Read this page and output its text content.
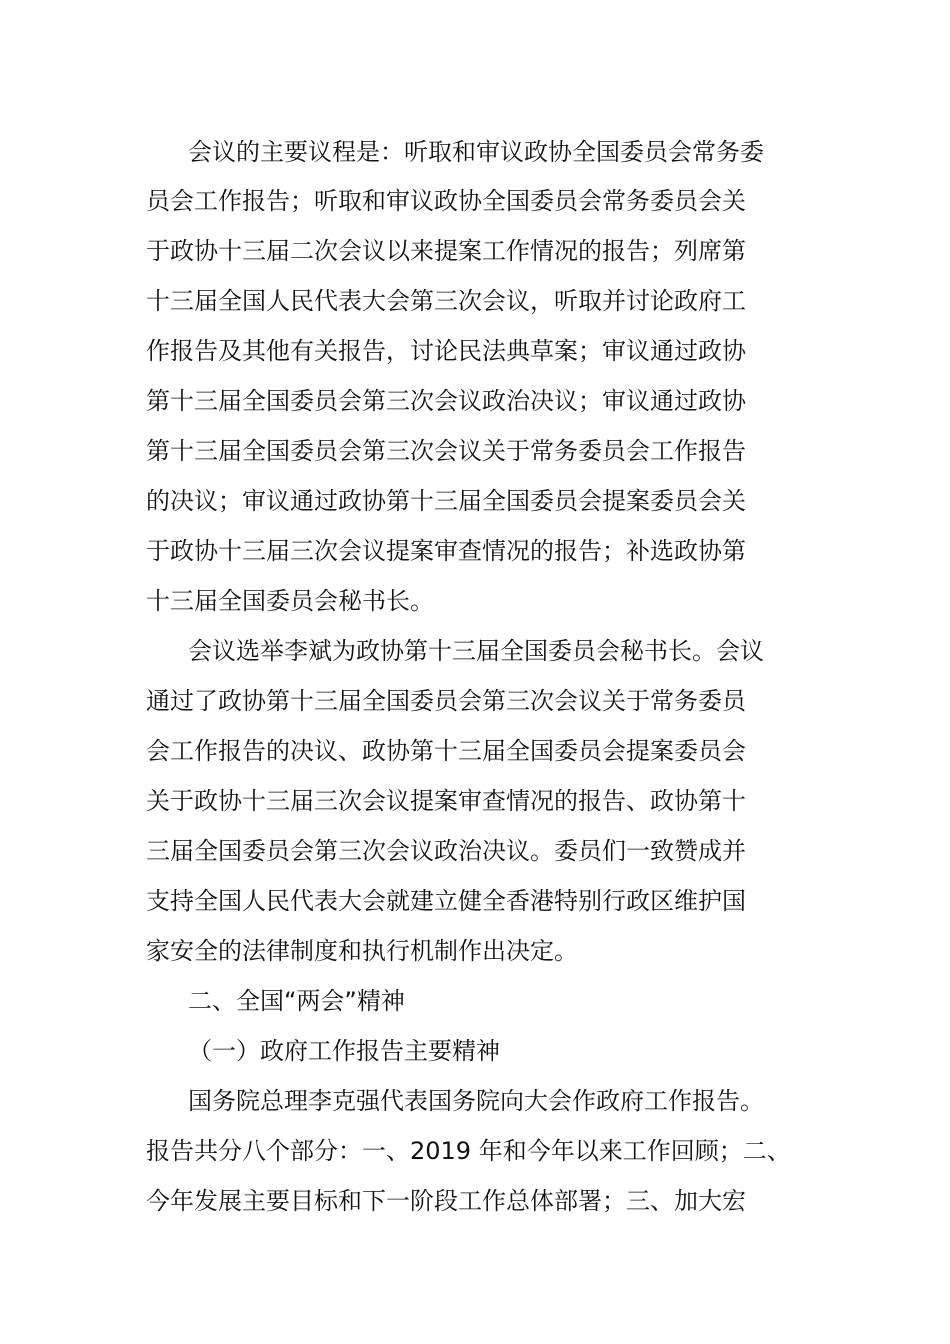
会议的主要议程是：听取和审议政协全国委员会常务委
员会工作报告；听取和审议政协全国委员会常务委员会关
于政协十三届二次会议以来提案工作情况的报告；列席第
十三届全国人民代表大会第三次会议，听取并讨论政府工
作报告及其他有关报告，讨论民法典草案；审议通过政协
第十三届全国委员会第三次会议政治决议；审议通过政协
第十三届全国委员会第三次会议关于常务委员会工作报告
的决议；审议通过政协第十三届全国委员会提案委员会关
于政协十三届三次会议提案审查情况的报告；补选政协第
十三届全国委员会秘书长。
会议选举李斌为政协第十三届全国委员会秘书长。会议
通过了政协第十三届全国委员会第三次会议关于常务委员
会工作报告的决议、政协第十三届全国委员会提案委员会
关于政协十三届三次会议提案审查情况的报告、政协第十
三届全国委员会第三次会议政治决议。委员们一致赞成并
支持全国人民代表大会就建立健全香港特别行政区维护国
家安全的法律制度和执行机制作出决定。
二、全国“两会”精神
（一）政府工作报告主要精神
国务院总理李克强代表国务院向大会作政府工作报告。
报告共分八个部分：一、2019 年和今年以来工作回顾；二、
今年发展主要目标和下一阶段工作总体部署；三、加大宏
